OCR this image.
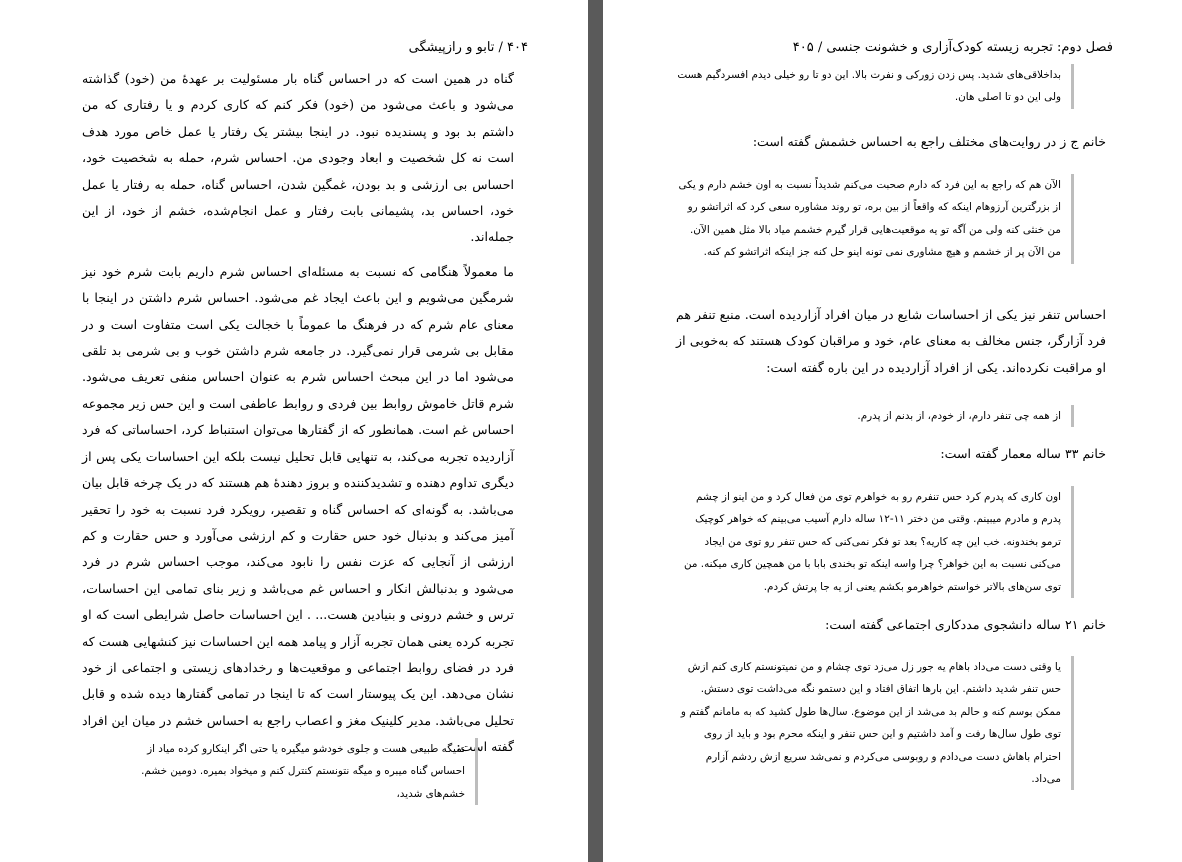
۴۰۴ / تابو و رازپیشگی

گناه در همین است که در احساس گناه بار مسئولیت بر عهدهٔ من (خود) گذاشته می‌شود و باعث می‌شود من (خود) فکر کنم که کاری کردم و یا رفتاری که من داشتم بد بود و پسندیده نبود. در اینجا بیشتر یک رفتار یا عمل خاص مورد هدف است نه کل شخصیت و ابعاد وجودی من. احساس شرم، حمله به شخصیت خود، احساس بی ارزشی و بد بودن، غمگین شدن، احساس گناه، حمله به رفتار یا عمل خود، احساس بد، پشیمانی بابت رفتار و عمل انجام‌شده، خشم از خود، از این جمله‌اند.

ما معمولاً هنگامی که نسبت به مسئله‌ای احساس شرم داریم بابت شرم خود نیز شرمگین می‌شویم و این باعث ایجاد غم می‌شود. احساس شرم داشتن در اینجا با معنای عام شرم که در فرهنگ ما عموماً با خجالت یکی است متفاوت است و در مقابل بی شرمی قرار نمی‌گیرد. در جامعه شرم داشتن خوب و بی شرمی بد تلقی می‌شود اما در این مبحث احساس شرم به عنوان احساس منفی تعریف می‌شود. شرم قاتل خاموش روابط بین فردی و روابط عاطفی است و این حس زیر مجموعه احساس غم است. همانطور که از گفتارها می‌توان استنباط کرد، احساساتی که فرد آزاردیده تجربه می‌کند، به تنهایی قابل تحلیل نیست بلکه این احساسات یکی پس از دیگری تداوم دهنده و تشدیدکننده و بروز دهندهٔ هم هستند که در یک چرخه قابل بیان می‌باشد. به گونه‌ای که احساس گناه و تقصیر، رویکرد فرد نسبت به خود را تحقیر آمیز می‌کند و بدنبال خود حس حقارت و کم ارزشی می‌آورد و حس حقارت و کم ارزشی از آنجایی که عزت نفس را نابود می‌کند، موجب احساس شرم در فرد می‌شود و بدنبالش انکار و احساس غم می‌باشد و زیر بنای تمامی این احساسات، ترس و خشم درونی و بنیادین هست... . این احساسات حاصل شرایطی است که او تجربه کرده یعنی همان تجربه آزار و پیامد همه این احساسات نیز کنشهایی هست که فرد در فضای روابط اجتماعی و موقعیت‌ها و رخدادهای زیستی و اجتماعی از خود نشان می‌دهد. این یک پیوستار است که تا اینجا در تمامی گفتارها دیده شده و قابل تحلیل می‌باشد. مدیر کلینیک مغز و اعصاب راجع به احساس خشم در میان این افراد گفته است:

نمیگه طبیعی هست و جلوی خودشو میگیره یا حتی اگر اینکارو کرده میاد از احساس گناه میبره و میگه نتونستم کنترل کنم و میخواد بمیره. دومین خشم. خشم‌های شدید،

فصل دوم: تجربه زیسته کودک‌آزاری و خشونت جنسی / ۴۰۵

بداخلاقی‌های شدید. پس زدن زورکی و نفرت بالا. این دو تا رو خیلی دیدم افسردگیم هست ولی این دو تا اصلی هان.

خانم ج ز در روایت‌های مختلف راجع به احساس خشمش گفته است:

الآن هم که راجع به این فرد که دارم صحبت می‌کنم شدیداً نسبت به اون خشم دارم و یکی از بزرگترین آرزوهام اینکه که واقعاً از بین بره، تو روند مشاوره سعی کرد که اثراتشو رو من خنثی کنه ولی من آگه تو یه موقعیت‌هایی قرار گیرم خشمم میاد بالا مثل همین الآن. من الآن پر از خشمم و هیچ مشاوری نمی تونه اینو حل کنه جز اینکه اثراتشو کم کنه.

احساس تنفر نیز یکی از احساسات شایع در میان افراد آزاردیده است. منبع تنفر هم فرد آزارگر، جنس مخالف به معنای عام، خود و مراقبان کودک هستند که به‌خوبی از او مراقبت نکرده‌اند. یکی از افراد آزاردیده در این باره گفته است:

از همه چی تنفر دارم، از خودم، از بدنم از پدرم.

خانم ۳۳ ساله معمار گفته است:

اون کاری که پدرم کرد حس تنفرم رو به خواهرم توی من فعال کرد و من اینو از چشم پدرم و مادرم میبینم. وقتی من دختر ۱۱-۱۲ ساله دارم آسیب می‌بینم که خواهر کوچیک ترمو بخندونه. خب این چه کاریه؟ بعد تو فکر نمی‌کنی که حس تنفر رو توی من ایجاد می‌کنی نسبت به این خواهر؟ چرا واسه اینکه تو بخندی بابا با من همچین کاری میکنه. من توی سن‌های بالاتر خواستم خواهرمو بکشم یعنی از یه جا پرتش کردم.

خانم ۲۱ ساله دانشجوی مددکاری اجتماعی گفته است:

یا وقتی دست می‌داد باهام یه جور زل می‌زد توی چشام و من نمیتونستم کاری کنم ازش حس تنفر شدید داشتم. این بارها اتفاق افتاد و این دستمو نگه می‌داشت توی دستش. ممکن بوسم کنه و حالم بد می‌شد از این موضوع. سال‌ها طول کشید که به مامانم گفتم و توی طول سال‌ها رفت و آمد داشتیم و این حس تنفر و اینکه محرم بود و باید از روی احترام باهاش دست می‌دادم و روبوسی می‌کردم و نمی‌شد سریع ازش ردشم آزارم می‌داد.
